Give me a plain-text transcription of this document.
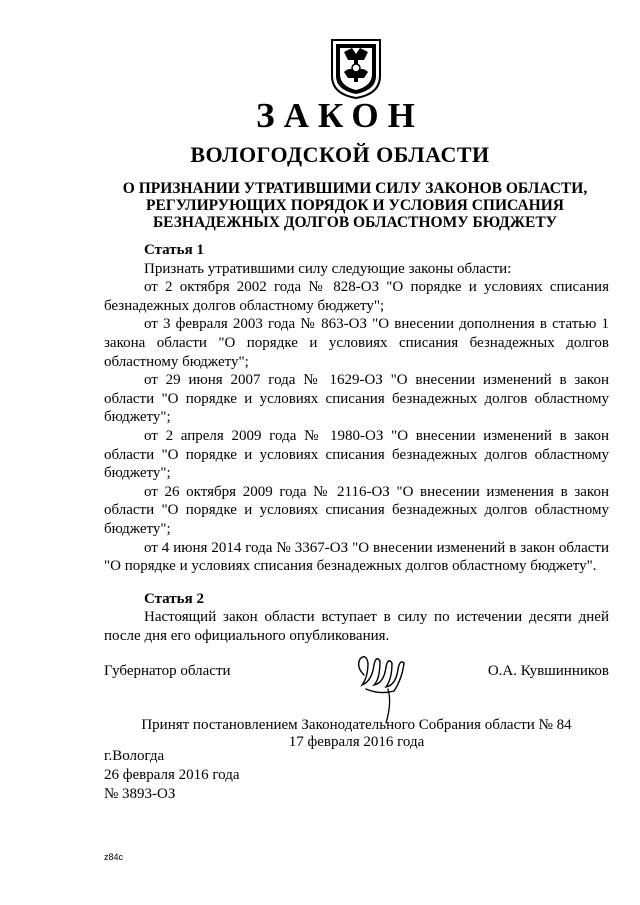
ЗАКОН
ВОЛОГОДСКОЙ ОБЛАСТИ
О ПРИЗНАНИИ УТРАТИВШИМИ СИЛУ ЗАКОНОВ ОБЛАСТИ,
РЕГУЛИРУЮЩИХ ПОРЯДОК И УСЛОВИЯ СПИСАНИЯ
БЕЗНАДЕЖНЫХ ДОЛГОВ ОБЛАСТНОМУ БЮДЖЕТУ
Статья 1

Признать утратившими силу следующие законы области:

от 2 октября 2002 года № 828-ОЗ "О порядке и условиях списания безнадежных долгов областному бюджету";

от 3 февраля 2003 года № 863-ОЗ "О внесении дополнения в статью 1 закона области "О порядке и условиях списания безнадежных долгов областному бюджету";

от 29 июня 2007 года № 1629-ОЗ "О внесении изменений в закон области "О порядке и условиях списания безнадежных долгов областному бюджету";

от 2 апреля 2009 года № 1980-ОЗ "О внесении изменений в закон области "О порядке и условиях списания безнадежных долгов областному бюджету";

от 26 октября 2009 года № 2116-ОЗ "О внесении изменения в закон области "О порядке и условиях списания безнадежных долгов областному бюджету";

от 4 июня 2014 года № 3367-ОЗ "О внесении изменений в закон области "О порядке и условиях списания безнадежных долгов областному бюджету".

Статья 2

Настоящий закон области вступает в силу по истечении десяти дней после дня его официального опубликования.

Губернатор области	О.А. Кувшинников
Принят постановлением Законодательного Собрания области № 84
17 февраля 2016 года
г.Вологда
26 февраля 2016 года
№ 3893-ОЗ
z84c
